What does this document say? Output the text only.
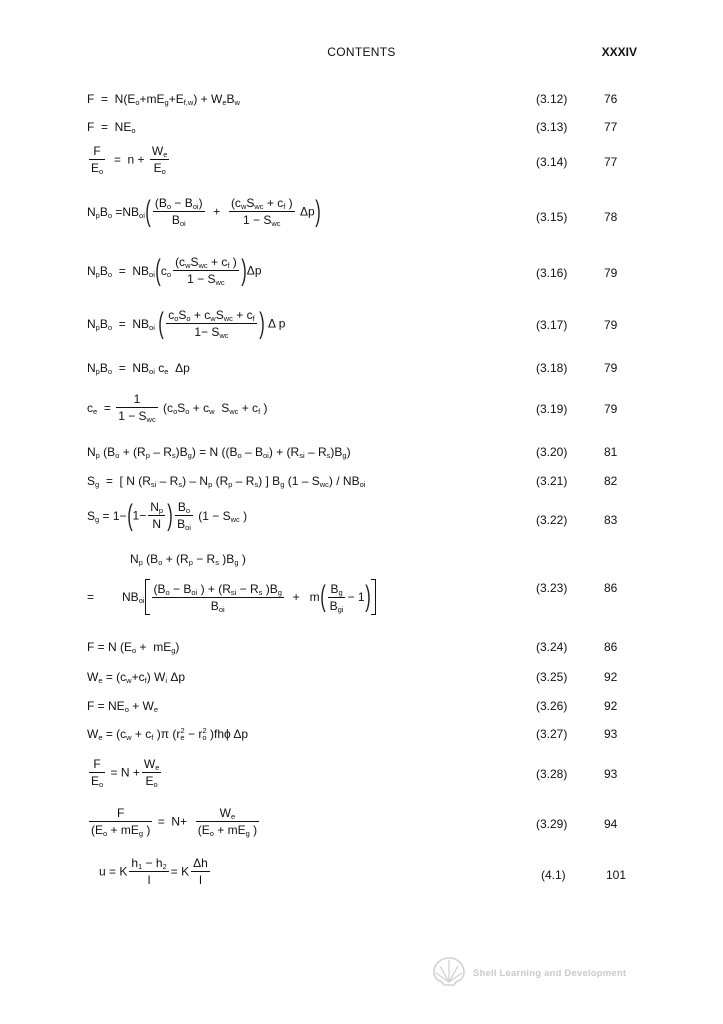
CONTENTS	XXXIV
$F = N(E_o+mE_g+E_{f,w}) + W_eB_w$	(3.12)	76
$F = NE_o$	(3.13)	77
$\frac{F}{E_o} = n + \frac{W_e}{E_o}$	(3.14)	77
$N_pB_o =NB_{oi}( \frac{(B_o - B_{oi})}{B_{oi}} + \frac{(c_wS_{wc} + c_f )}{1 - S_{wc}} \Delta p)$	(3.15)	78
$N_pB_o = NB_{oi}(c_o \frac{(c_wS_{wc} + c_f )}{1 - S_{wc}} )\Delta p$	(3.16)	79
$N_pB_o = NB_{oi}$ ( $\frac{c_oS_o + c_wS_{wc} + c_f}{1- S_{wc}}$ ) Δ p	(3.17)	79
$N_pB_o = NB_{oi}$ $c_e$  Δp	(3.18)	79
$c_e = \frac{1}{1 - S_{wc}} (c_oS_o + c_w$  $S_{wc} + c_f$ )	(3.19)	79
$N_p$ $(B_o + (R_p - R_s)B_g) = N$ $((B_o - B_{oi}) + (R_{si} - R_s)B_g)$	(3.20)	81
$S_g$  =  [ N $(R_{si} - R_s) - N_p$ $(R_p - R_s)$ ] $B_g$ $(1 - S_{wc}) / NB_{oi}$	(3.21)	82
$S_g = 1-(1- \frac{N_p}{N}$ ) $\frac{B_o}{B_{oi}} (1 - S_{wc}$ )	(3.22)	83
$N_p$ ($B_o + (R_p - R_s$ )$B_g$ )
= $NB_{oi} \frac{(B_o - B_{oi} ) + (R_{si} - R_s )B_g}{B_{oi}} + m( \frac{B_g}{B_{gi}} - 1)$	(3.23)	86
F = N $(E_o + mE_g)$	(3.24)	86
$W_e = (c_w+c_f)$ $W_i$ Δp	(3.25)	92
$F = NE_o + W_e$	(3.26)	92
$W_e = (c_w + c_f$ )π ($r_e^2 - r_o^2$ )fhϕ Δp	(3.27)	93
$\frac{F}{E_o} = N + \frac{W_e}{E_o}$	(3.28)	93
$\frac{F}{(E_o + mE_g )} = N+ \frac{W_e}{(E_o + mE_g )}$	(3.29)	94
u = K $\frac{h_1 - h_2}{l} = K \frac{\Delta h}{l}$	(4.1)	101
Shell Learning and Development
